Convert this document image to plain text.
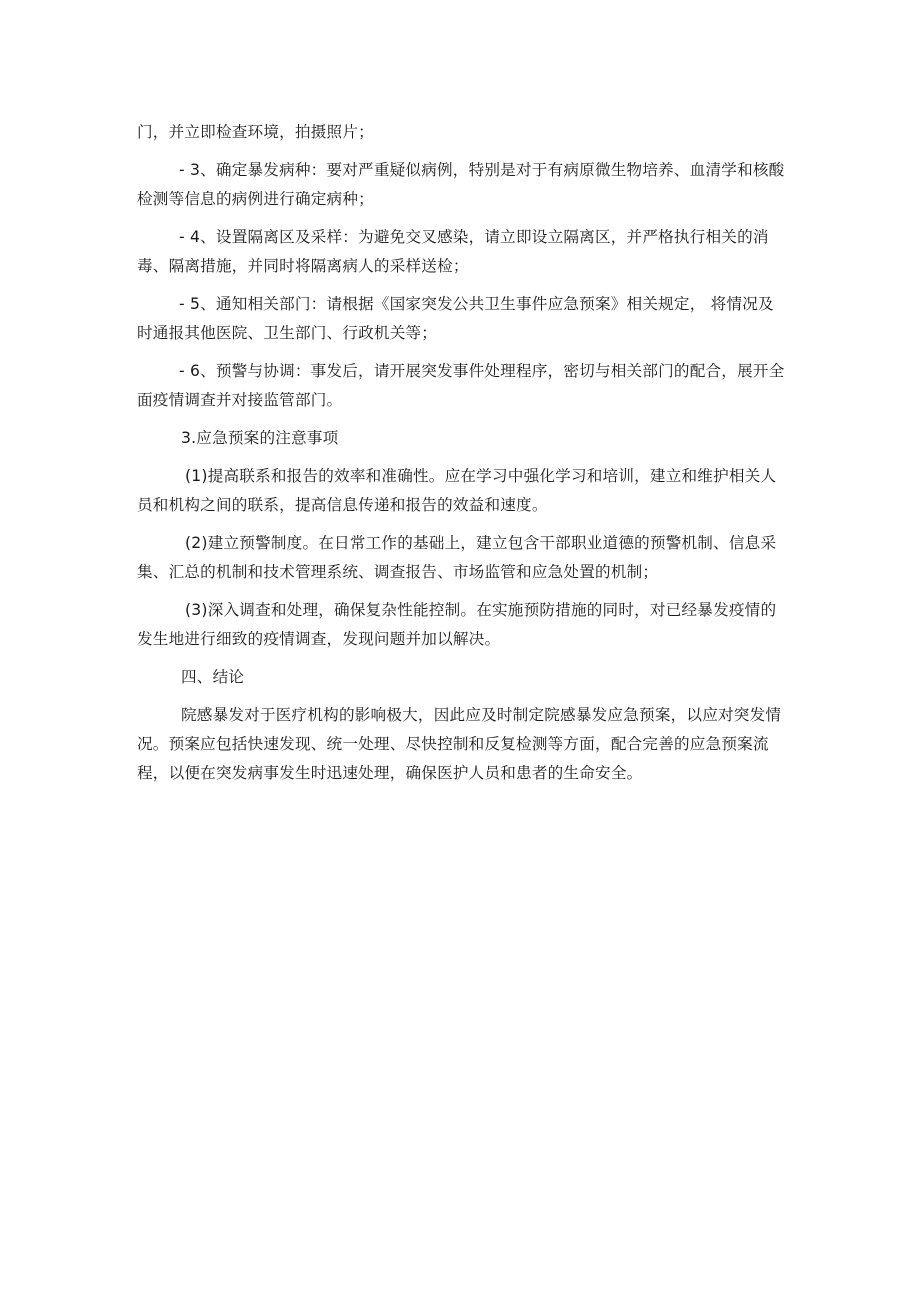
门，并立即检查环境，拍摄照片；

- 3、确定暴发病种：要对严重疑似病例，特别是对于有病原微生物培养、血清学和核酸检测等信息的病例进行确定病种；

- 4、设置隔离区及采样：为避免交叉感染，请立即设立隔离区，并严格执行相关的消毒、隔离措施，并同时将隔离病人的采样送检；

- 5、通知相关部门：请根据《国家突发公共卫生事件应急预案》相关规定， 将情况及时通报其他医院、卫生部门、行政机关等；

- 6、预警与协调：事发后，请开展突发事件处理程序，密切与相关部门的配合，展开全面疫情调查并对接监管部门。

3.应急预案的注意事项

(1)提高联系和报告的效率和准确性。应在学习中强化学习和培训，建立和维护相关人员和机构之间的联系，提高信息传递和报告的效益和速度。

(2)建立预警制度。在日常工作的基础上，建立包含干部职业道德的预警机制、信息采集、汇总的机制和技术管理系统、调查报告、市场监管和应急处置的机制；

(3)深入调查和处理，确保复杂性能控制。在实施预防措施的同时，对已经暴发疫情的发生地进行细致的疫情调查，发现问题并加以解决。

四、结论

院感暴发对于医疗机构的影响极大，因此应及时制定院感暴发应急预案，以应对突发情况。预案应包括快速发现、统一处理、尽快控制和反复检测等方面，配合完善的应急预案流程，以便在突发病事发生时迅速处理，确保医护人员和患者的生命安全。
